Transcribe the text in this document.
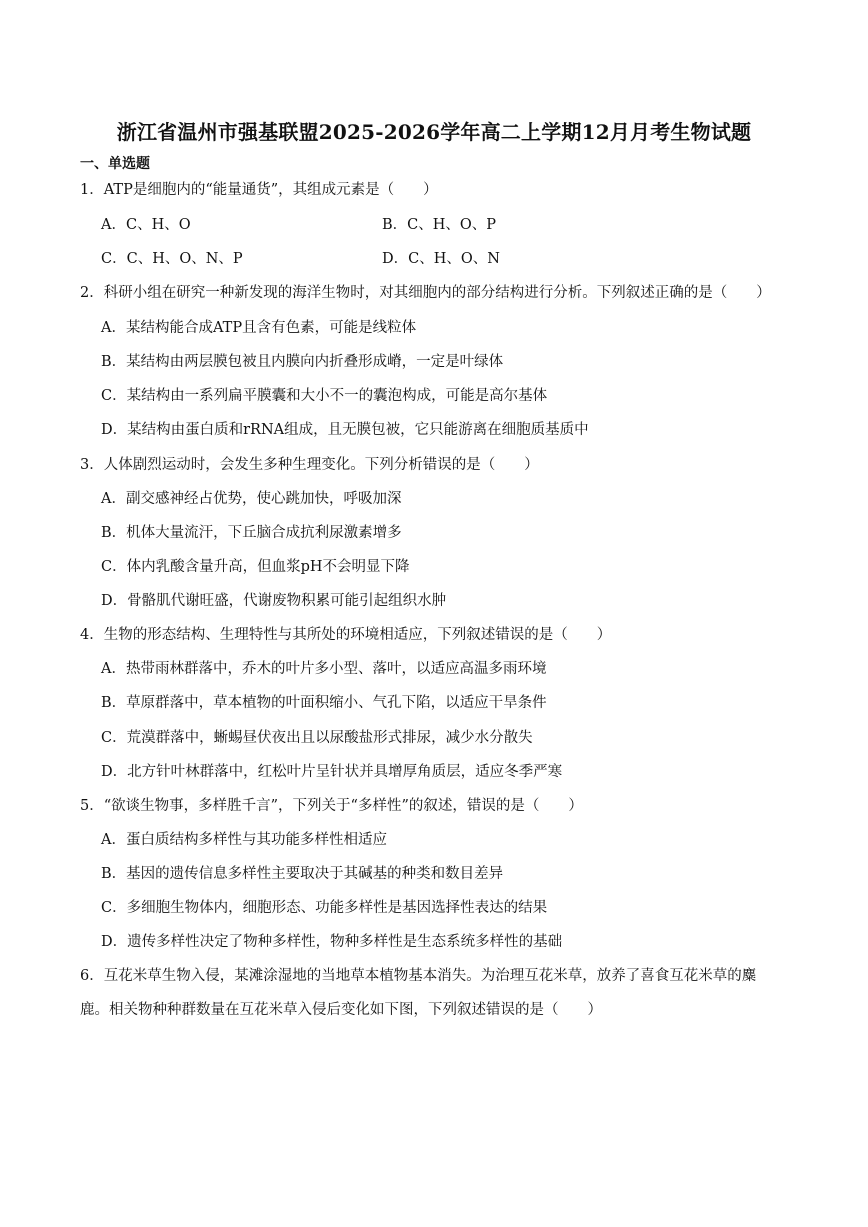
浙江省温州市强基联盟2025-2026学年高二上学期12月月考生物试题
一、单选题
1．ATP是细胞内的“能量通货”，其组成元素是（　　）
A．C、H、O	B．C、H、O、P
C．C、H、O、N、P	D．C、H、O、N
2．科研小组在研究一种新发现的海洋生物时，对其细胞内的部分结构进行分析。下列叙述正确的是（　　）
A．某结构能合成ATP且含有色素，可能是线粒体
B．某结构由两层膜包被且内膜向内折叠形成嵴，一定是叶绿体
C．某结构由一系列扁平膜囊和大小不一的囊泡构成，可能是高尔基体
D．某结构由蛋白质和rRNA组成，且无膜包被，它只能游离在细胞质基质中
3．人体剧烈运动时，会发生多种生理变化。下列分析错误的是（　　）
A．副交感神经占优势，使心跳加快，呼吸加深
B．机体大量流汗，下丘脑合成抗利尿激素增多
C．体内乳酸含量升高，但血浆pH不会明显下降
D．骨骼肌代谢旺盛，代谢废物积累可能引起组织水肿
4．生物的形态结构、生理特性与其所处的环境相适应，下列叙述错误的是（　　）
A．热带雨林群落中，乔木的叶片多小型、落叶，以适应高温多雨环境
B．草原群落中，草本植物的叶面积缩小、气孔下陷，以适应干旱条件
C．荒漠群落中，蜥蜴昼伏夜出且以尿酸盐形式排尿，减少水分散失
D．北方针叶林群落中，红松叶片呈针状并具增厚角质层，适应冬季严寒
5．“欲谈生物事，多样胜千言”，下列关于“多样性”的叙述，错误的是（　　）
A．蛋白质结构多样性与其功能多样性相适应
B．基因的遗传信息多样性主要取决于其碱基的种类和数目差异
C．多细胞生物体内，细胞形态、功能多样性是基因选择性表达的结果
D．遗传多样性决定了物种多样性，物种多样性是生态系统多样性的基础
6．互花米草生物入侵，某滩涂湿地的当地草本植物基本消失。为治理互花米草，放养了喜食互花米草的麋
鹿。相关物种种群数量在互花米草入侵后变化如下图，下列叙述错误的是（　　）
